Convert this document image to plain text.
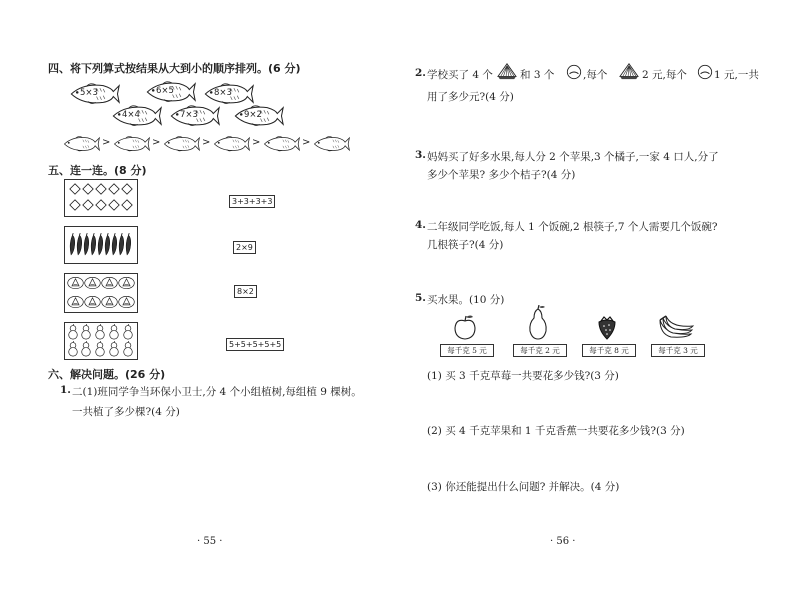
四、将下列算式按结果从大到小的顺序排列。(6 分)
5×3	6×5	8×3
4×4	7×3	9×2
>	>	>	>	>
五、连一连。(8 分)
3+3+3+3
2×9
8×2
5+5+5+5+5
六、解决问题。(26 分)
1. 二(1)班同学争当环保小卫士,分 4 个小组植树,每组植 9 棵树。
一共植了多少棵?(4 分)
· 55 ·
2. 学校买了 4 个	和 3 个	,每个	2 元,每个	1 元,一共
用了多少元?(4 分)
3. 妈妈买了好多水果,每人分 2 个苹果,3 个橘子,一家 4 口人,分了
多少个苹果? 多少个桔子?(4 分)
4. 二年级同学吃饭,每人 1 个饭碗,2 根筷子,7 个人需要几个饭碗?
几根筷子?(4 分)
5. 买水果。(10 分)
每千克 5 元	每千克 2 元	每千克 8 元	每千克 3 元
(1) 买 3 千克草莓一共要花多少钱?(3 分)
(2) 买 4 千克苹果和 1 千克香蕉一共要花多少钱?(3 分)
(3) 你还能提出什么问题? 并解决。(4 分)
· 56 ·
